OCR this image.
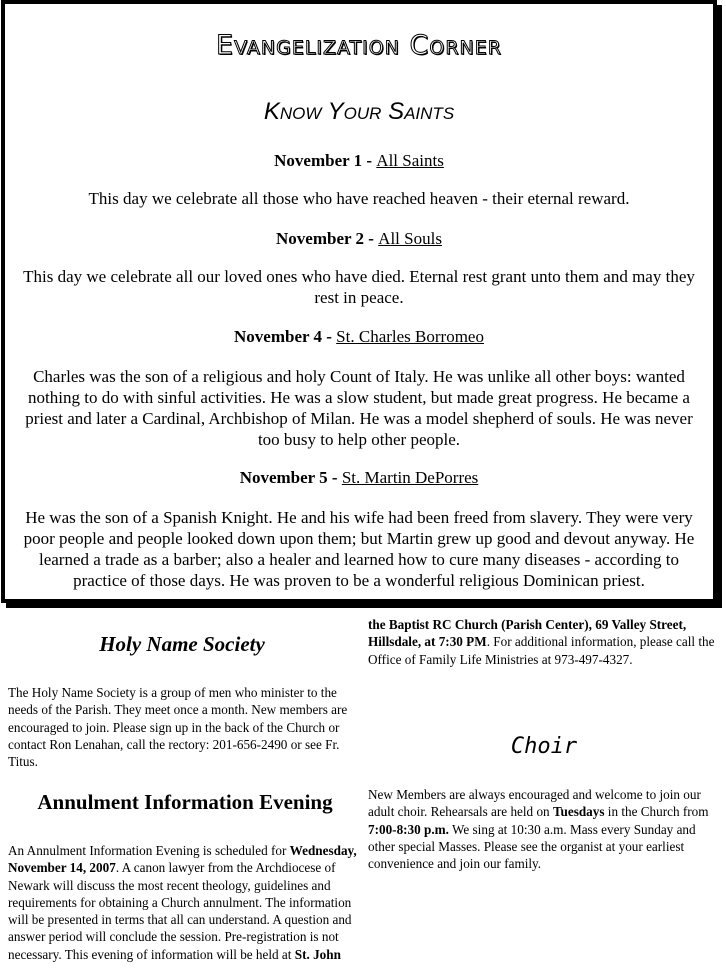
Evangelization Corner
Know Your Saints
November 1 - All Saints
This day we celebrate all those who have reached heaven - their eternal reward.
November 2 - All Souls
This day we celebrate all our loved ones who have died. Eternal rest grant unto them and may they rest in peace.
November 4 - St. Charles Borromeo
Charles was the son of a religious and holy Count of Italy. He was unlike all other boys: wanted nothing to do with sinful activities. He was a slow student, but made great progress. He became a priest and later a Cardinal, Archbishop of Milan. He was a model shepherd of souls. He was never too busy to help other people.
November 5 - St. Martin DePorres
He was the son of a Spanish Knight. He and his wife had been freed from slavery. They were very poor people and people looked down upon them; but Martin grew up good and devout anyway. He learned a trade as a barber; also a healer and learned how to cure many diseases - according to practice of those days. He was proven to be a wonderful religious Dominican priest.
Holy Name Society
The Holy Name Society is a group of men who minister to the needs of the Parish. They meet once a month. New members are encouraged to join. Please sign up in the back of the Church or contact Ron Lenahan, call the rectory: 201-656-2490 or see Fr. Titus.
Annulment Information Evening
An Annulment Information Evening is scheduled for Wednesday, November 14, 2007. A canon lawyer from the Archdiocese of Newark will discuss the most recent theology, guidelines and requirements for obtaining a Church annulment. The information will be presented in terms that all can understand. A question and answer period will conclude the session. Pre-registration is not necessary. This evening of information will be held at St. John
Choir
New Members are always encouraged and welcome to join our adult choir. Rehearsals are held on Tuesdays in the Church from 7:00-8:30 p.m. We sing at 10:30 a.m. Mass every Sunday and other special Masses. Please see the organist at your earliest convenience and join our family.
the Baptist RC Church (Parish Center), 69 Valley Street, Hillsdale, at 7:30 PM. For additional information, please call the Office of Family Life Ministries at 973-497-4327.
